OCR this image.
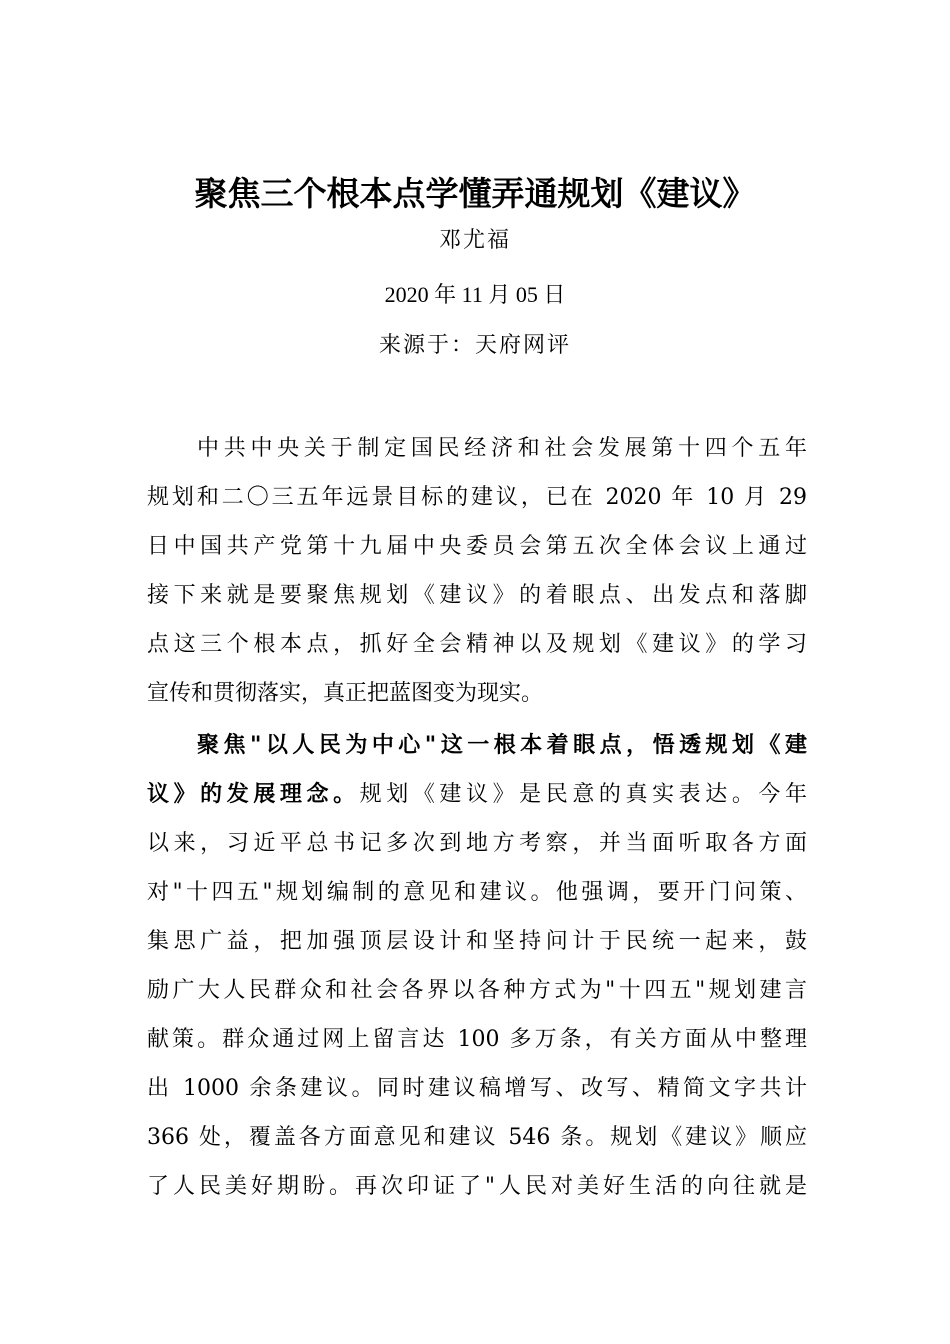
聚焦三个根本点学懂弄通规划《建议》
邓尤福
2020 年 11 月 05 日
来源于：天府网评
中共中央关于制定国民经济和社会发展第十四个五年
规划和二〇三五年远景目标的建议，已在 2020 年 10 月 29
日中国共产党第十九届中央委员会第五次全体会议上通过
接下来就是要聚焦规划《建议》的着眼点、出发点和落脚
点这三个根本点，抓好全会精神以及规划《建议》的学习
宣传和贯彻落实，真正把蓝图变为现实。
聚焦"以人民为中心"这一根本着眼点，悟透规划《建
议》的发展理念。规划《建议》是民意的真实表达。今年
以来，习近平总书记多次到地方考察，并当面听取各方面
对"十四五"规划编制的意见和建议。他强调，要开门问策、
集思广益，把加强顶层设计和坚持问计于民统一起来，鼓
励广大人民群众和社会各界以各种方式为"十四五"规划建言
献策。群众通过网上留言达 100 多万条，有关方面从中整理
出 1000 余条建议。同时建议稿增写、改写、精简文字共计
366 处，覆盖各方面意见和建议 546 条。规划《建议》顺应
了人民美好期盼。再次印证了"人民对美好生活的向往就是
